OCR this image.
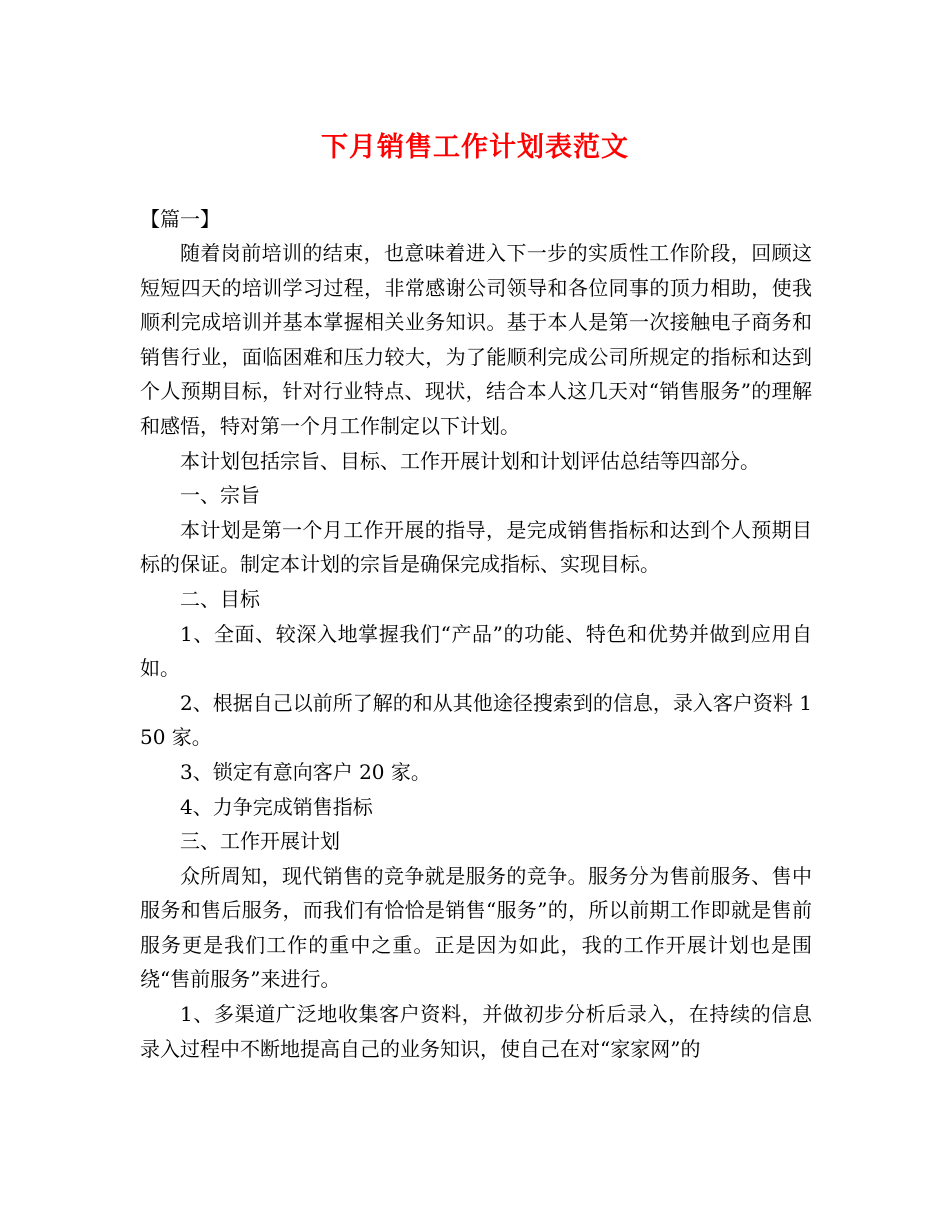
下月销售工作计划表范文

【篇一】

随着岗前培训的结束，也意味着进入下一步的实质性工作阶段，回顾这短短四天的培训学习过程，非常感谢公司领导和各位同事的顶力相助，使我顺利完成培训并基本掌握相关业务知识。基于本人是第一次接触电子商务和销售行业，面临困难和压力较大，为了能顺利完成公司所规定的指标和达到个人预期目标，针对行业特点、现状，结合本人这几天对“销售服务”的理解和感悟，特对第一个月工作制定以下计划。

本计划包括宗旨、目标、工作开展计划和计划评估总结等四部分。

一、宗旨

本计划是第一个月工作开展的指导，是完成销售指标和达到个人预期目标的保证。制定本计划的宗旨是确保完成指标、实现目标。

二、目标

1、全面、较深入地掌握我们“产品”的功能、特色和优势并做到应用自如。

2、根据自己以前所了解的和从其他途径搜索到的信息，录入客户资料 150 家。

3、锁定有意向客户 20 家。

4、力争完成销售指标

三、工作开展计划

众所周知，现代销售的竞争就是服务的竞争。服务分为售前服务、售中服务和售后服务，而我们有恰恰是销售“服务”的，所以前期工作即就是售前服务更是我们工作的重中之重。正是因为如此，我的工作开展计划也是围绕“售前服务”来进行。

1、多渠道广泛地收集客户资料，并做初步分析后录入，在持续的信息录入过程中不断地提高自己的业务知识，使自己在对“家家网”的
